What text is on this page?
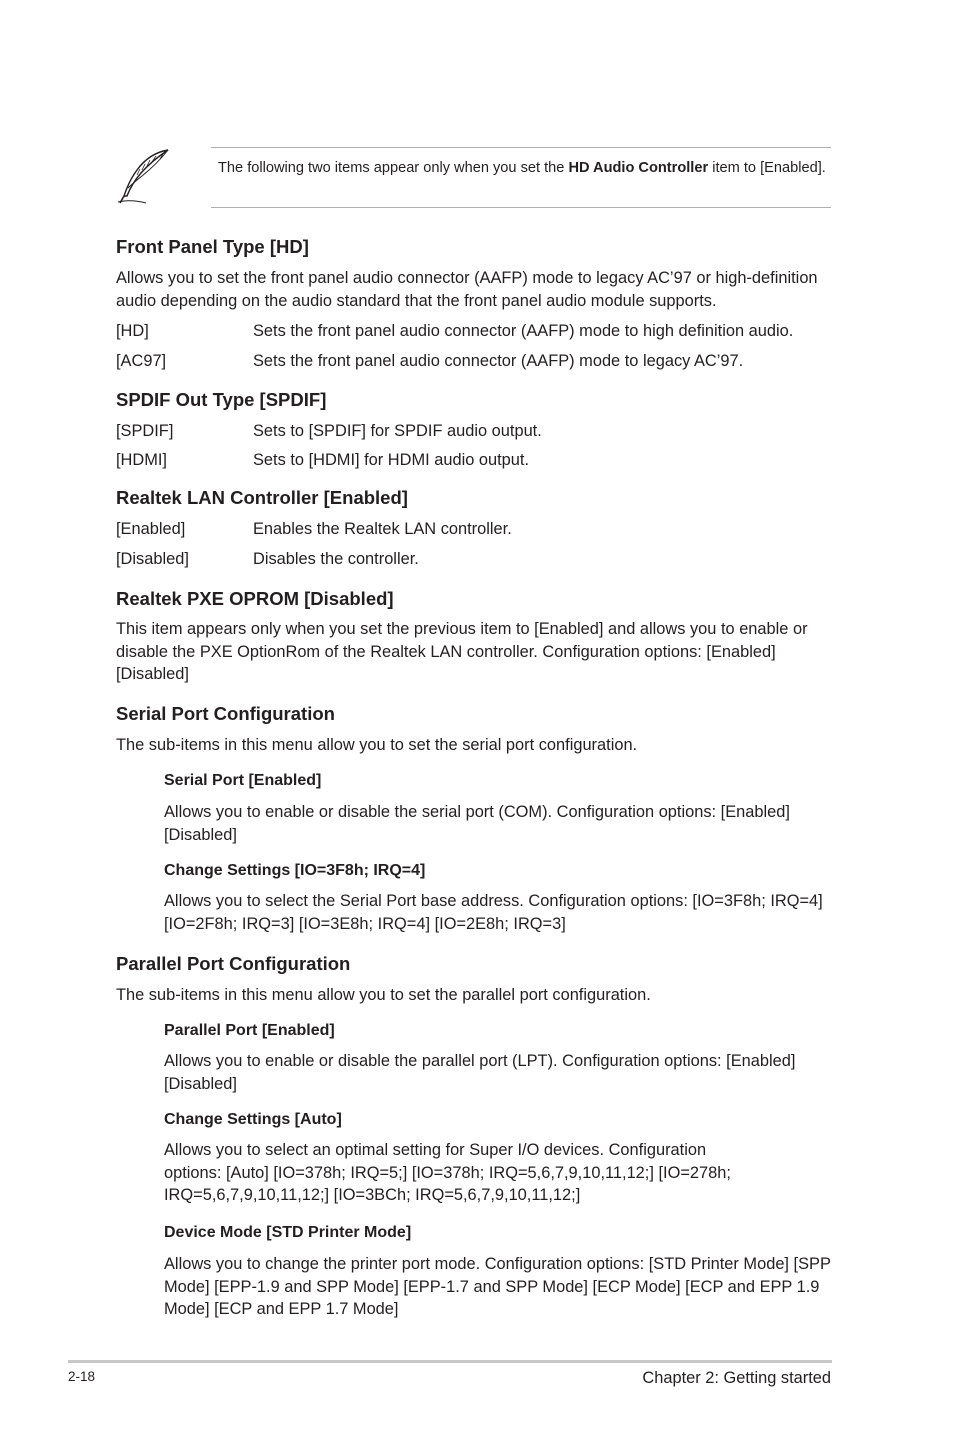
The following two items appear only when you set the HD Audio Controller item to [Enabled].
Front Panel Type [HD]
Allows you to set the front panel audio connector (AAFP) mode to legacy AC’97 or high-definition audio depending on the audio standard that the front panel audio module supports.
[HD]	Sets the front panel audio connector (AAFP) mode to high definition audio.
[AC97]	Sets the front panel audio connector (AAFP) mode to legacy AC’97.
SPDIF Out Type [SPDIF]
[SPDIF]	Sets to [SPDIF] for SPDIF audio output.
[HDMI]	Sets to [HDMI] for HDMI audio output.
Realtek LAN Controller [Enabled]
[Enabled]	Enables the Realtek LAN controller.
[Disabled]	Disables the controller.
Realtek PXE OPROM [Disabled]
This item appears only when you set the previous item to [Enabled] and allows you to enable or disable the PXE OptionRom of the Realtek LAN controller. Configuration options: [Enabled] [Disabled]
Serial Port Configuration
The sub-items in this menu allow you to set the serial port configuration.
Serial Port [Enabled]
Allows you to enable or disable the serial port (COM). Configuration options: [Enabled] [Disabled]
Change Settings [IO=3F8h; IRQ=4]
Allows you to select the Serial Port base address. Configuration options: [IO=3F8h; IRQ=4] [IO=2F8h; IRQ=3] [IO=3E8h; IRQ=4] [IO=2E8h; IRQ=3]
Parallel Port Configuration
The sub-items in this menu allow you to set the parallel port configuration.
Parallel Port [Enabled]
Allows you to enable or disable the parallel port (LPT). Configuration options: [Enabled] [Disabled]
Change Settings [Auto]
Allows you to select an optimal setting for Super I/O devices. Configuration
options: [Auto] [IO=378h; IRQ=5;] [IO=378h; IRQ=5,6,7,9,10,11,12;] [IO=278h;
IRQ=5,6,7,9,10,11,12;] [IO=3BCh; IRQ=5,6,7,9,10,11,12;]
Device Mode [STD Printer Mode]
Allows you to change the printer port mode. Configuration options: [STD Printer Mode] [SPP Mode] [EPP-1.9 and SPP Mode] [EPP-1.7 and SPP Mode] [ECP Mode] [ECP and EPP 1.9 Mode] [ECP and EPP 1.7 Mode]
2-18	Chapter 2: Getting started
